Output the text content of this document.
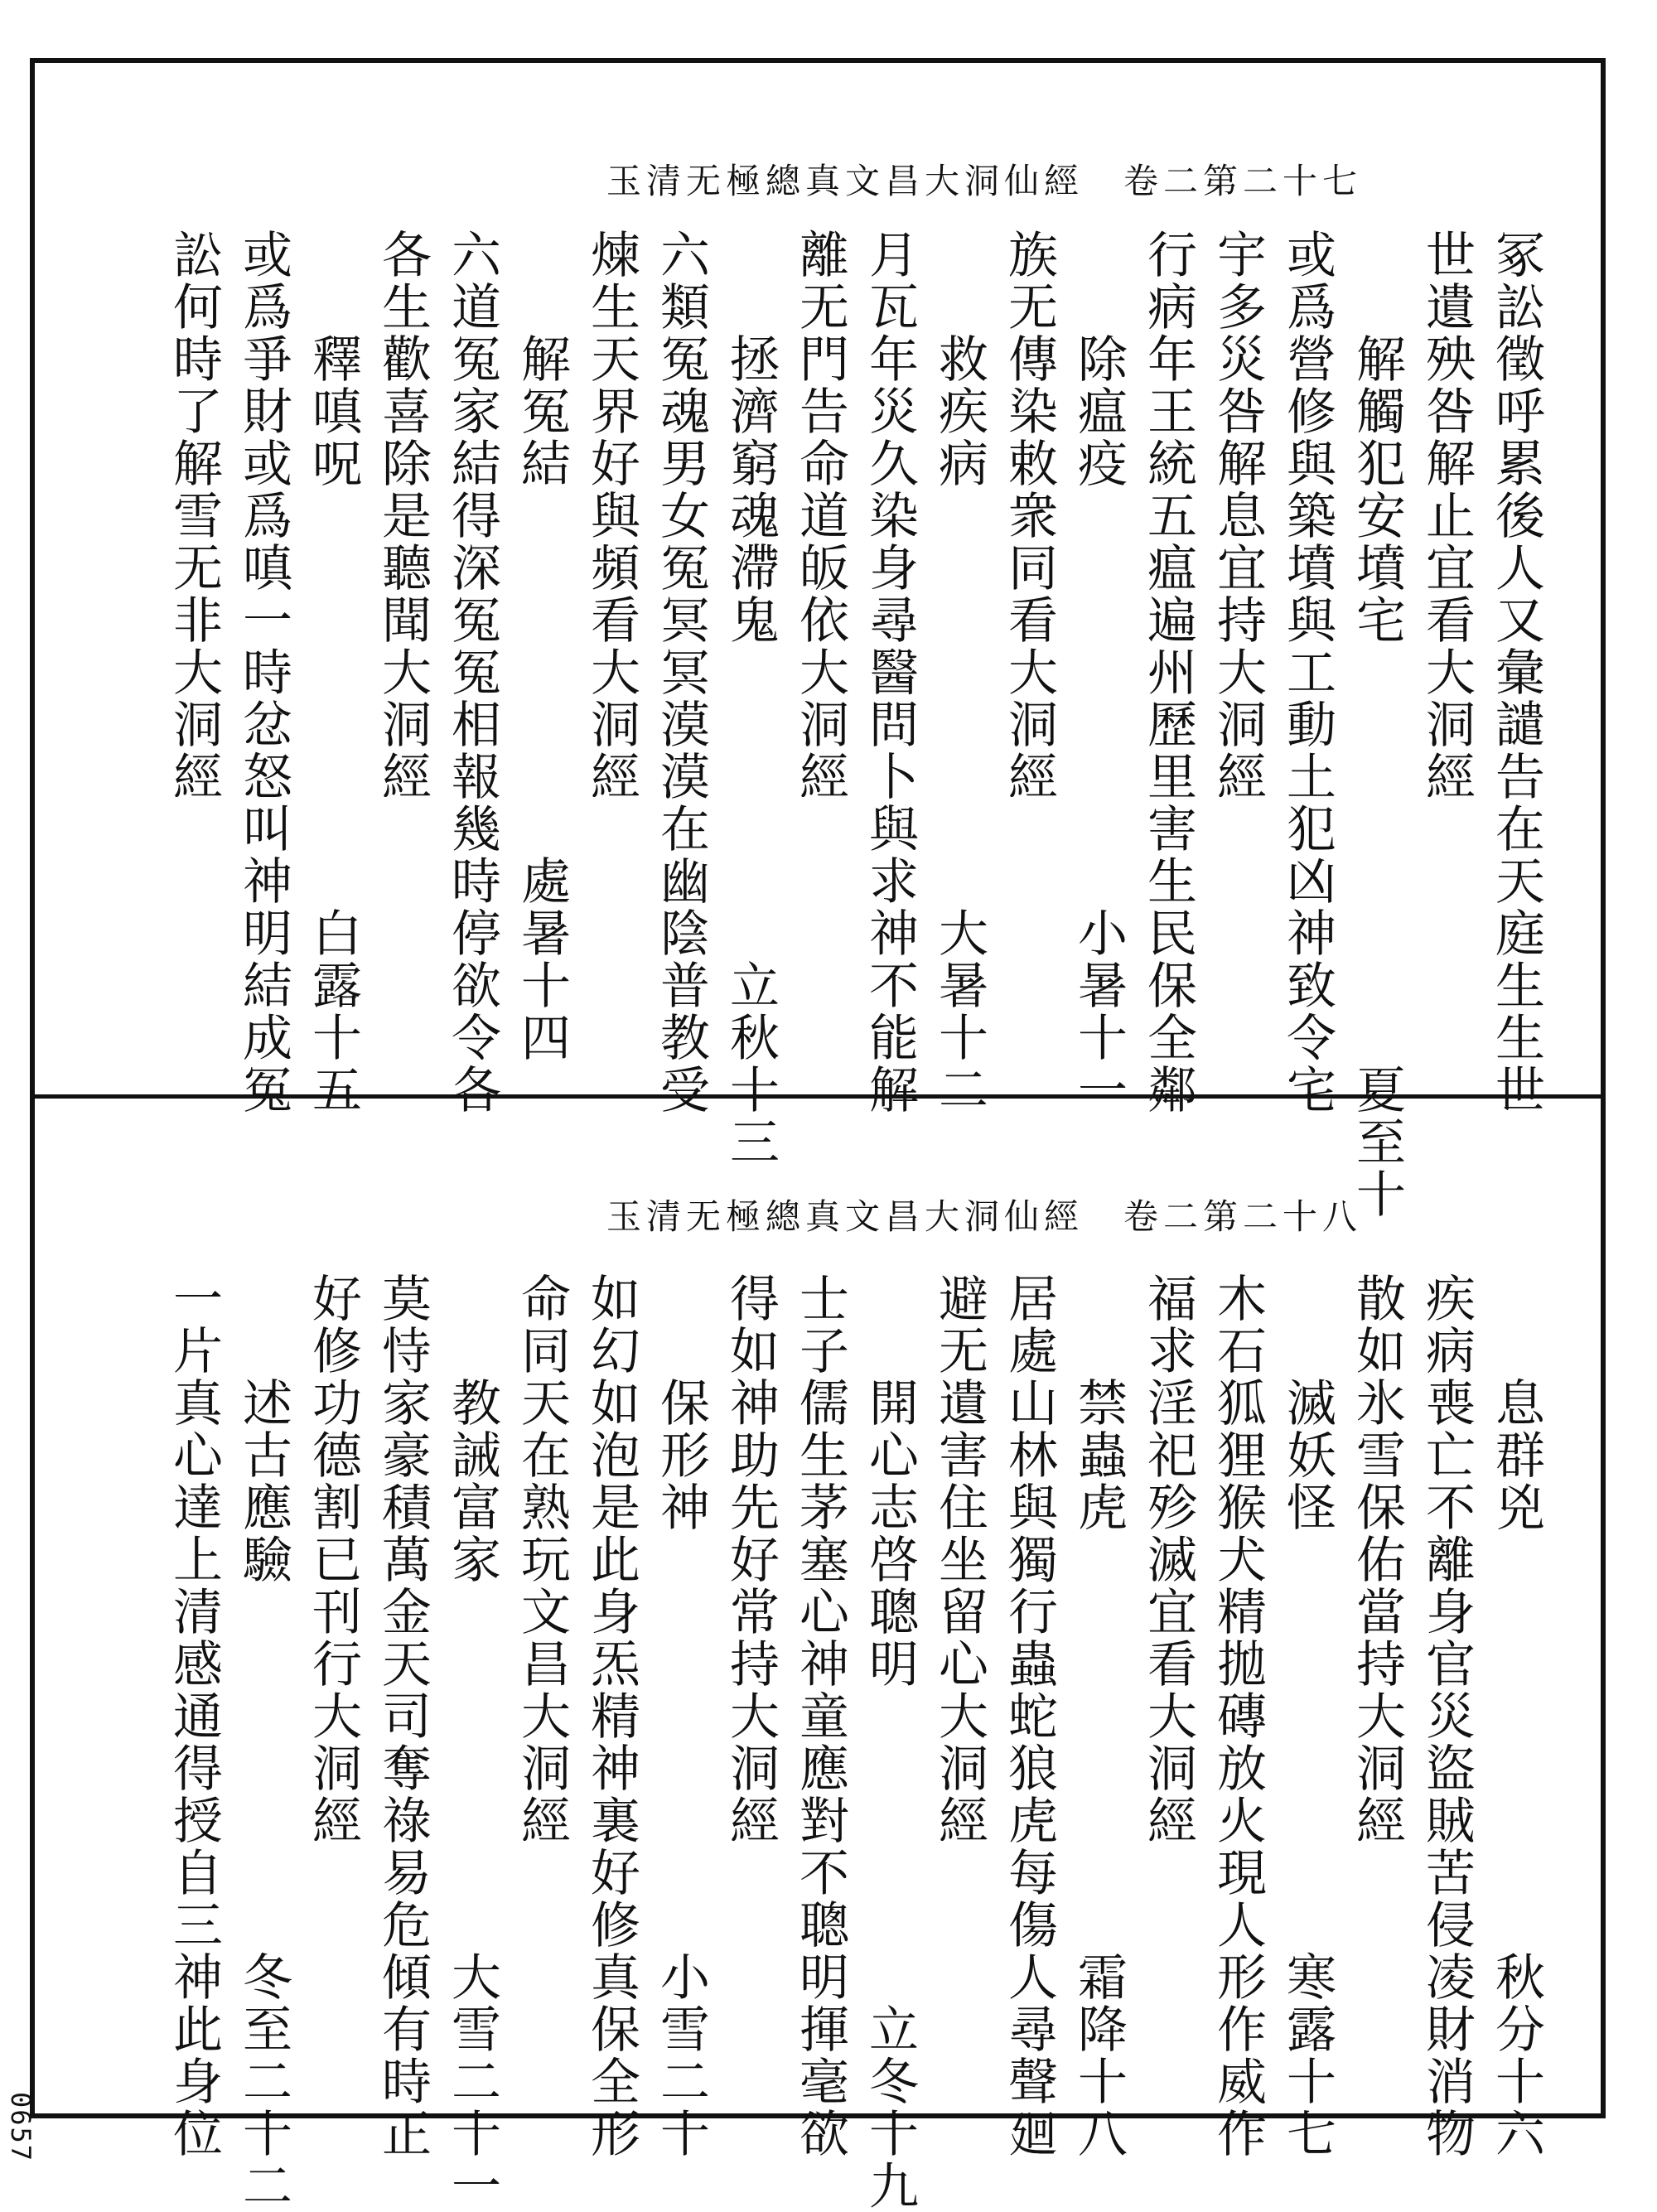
玉清无極總真文昌大洞仙經　卷二第二十七
冢訟徵呼累後人又彙譴告在天庭生生世
世遺殃咎解止宜看大洞經
　　解觸犯安墳宅　　　　　　　　夏至十
或爲營修與築墳與工動土犯凶神致令宅
宇多災咎解息宜持大洞經
行病年王統五瘟遍州歷里害生民保全鄰
　　除瘟疫　　　　　　　　小暑十一
族无傳染敕衆同看大洞經
　　救疾病　　　　　　　　大暑十二
月瓦年災久染身尋醫問卜與求神不能解
離无門告命道皈依大洞經
　　拯濟窮魂滯鬼　　　　　　立秋十三
六類冤魂男女冤冥冥漠漠在幽陰普教受
煉生天界好與頻看大洞經
　　解冤結　　　　　　　處暑十四
六道冤家結得深冤冤相報幾時停欲令各
各生歡喜除是聽聞大洞經
　　釋嗔呪　　　　　　　　白露十五
或爲爭財或爲嗔一時忿怒叫神明結成冤
訟何時了解雪无非大洞經
玉清无極總真文昌大洞仙經　卷二第二十八
　　息群兇　　　　　　　　秋分十六
疾病喪亡不離身官災盜賊苦侵凌財消物
散如氷雪保佑當持大洞經
　　滅妖怪　　　　　　　　寒露十七
木石狐狸猴犬精拋磚放火現人形作威作
福求淫祀殄滅宜看大洞經
　　禁蟲虎　　　　　　　　霜降十八
居處山林與獨行蟲蛇狼虎每傷人尋聲廻
避无遺害住坐留心大洞經
　　開心志啓聰明　　　　　　立冬十九
士子儒生茅塞心神童應對不聰明揮毫欲
得如神助先好常持大洞經
　　保形神　　　　　　　　小雪二十
如幻如泡是此身炁精神裏好修真保全形
命同天在熟玩文昌大洞經
　　教誡富家　　　　　　　大雪二十一
莫恃家豪積萬金天司奪祿易危傾有時正
好修功德割已刊行大洞經
　　述古應驗　　　　　　　冬至二十二
一片真心達上清感通得授自三神此身位
0657
